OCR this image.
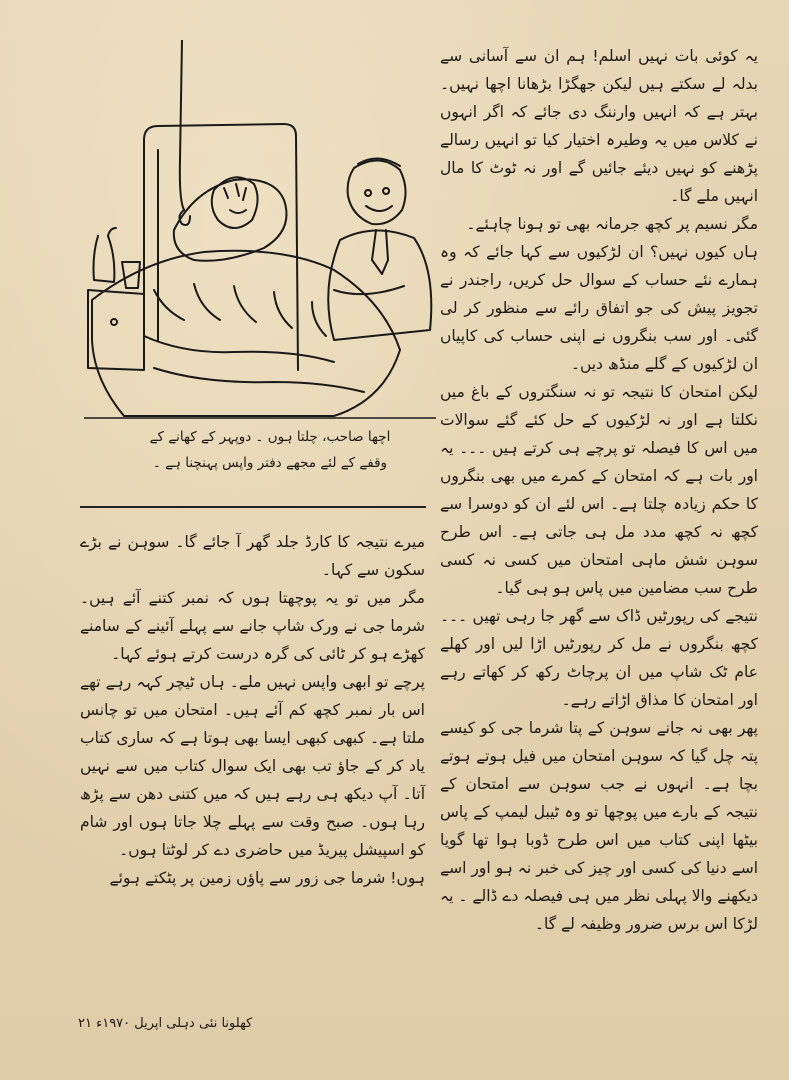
اچھا صاحب، چلتا ہوں ۔ دوپہر کے کھانے کے
وقفے کے لئے مجھے دفتر واپس پہنچنا ہے ۔

یہ کوئی بات نہیں اسلم! ہم ان سے آسانی سے بدلہ لے سکتے ہیں لیکن جھگڑا بڑھانا اچھا نہیں۔ بہتر ہے کہ انہیں وارننگ دی جائے کہ اگر انہوں نے کلاس میں یہ وطیرہ اختیار کیا تو انہیں رسالے پڑھنے کو نہیں دیئے جائیں گے اور نہ ٹوٹ کا مال انہیں ملے گا۔

مگر نسیم پر کچھ جرمانہ بھی تو ہونا چاہئے۔

ہاں کیوں نہیں؟ ان لڑکیوں سے کہا جائے کہ وہ ہمارے نئے حساب کے سوال حل کریں، راجندر نے تجویز پیش کی جو اتفاق رائے سے منظور کر لی گئی۔ اور سب بنگروں نے اپنی حساب کی کاپیاں ان لڑکیوں کے گلے منڈھ دیں۔

لیکن امتحان کا نتیجہ تو نہ سنگتروں کے باغ میں نکلتا ہے اور نہ لڑکیوں کے حل کئے گئے سوالات میں اس کا فیصلہ تو پرچے ہی کرتے ہیں ۔۔۔ یہ اور بات ہے کہ امتحان کے کمرے میں بھی بنگروں کا حکم زیادہ چلتا ہے۔ اس لئے ان کو دوسرا سے کچھ نہ کچھ مدد مل ہی جاتی ہے۔ اس طرح سوہن شش ماہی امتحان میں کسی نہ کسی طرح سب مضامین میں پاس ہو ہی گیا۔

نتیجے کی رپورٹیں ڈاک سے گھر جا رہی تھیں ۔۔۔ کچھ بنگروں نے مل کر رپورٹیں اڑا لیں اور کھلے عام ٹک شاپ میں ان پرچاٹ رکھ کر کھاتے رہے اور امتحان کا مذاق اڑاتے رہے۔

پھر بھی نہ جانے سوہن کے پتا شرما جی کو کیسے پتہ چل گیا کہ سوہن امتحان میں فیل ہوتے ہوتے بچا ہے۔ انہوں نے جب سوہن سے امتحان کے نتیجہ کے بارے میں پوچھا تو وہ ٹیبل لیمپ کے پاس بیٹھا اپنی کتاب میں اس طرح ڈوبا ہوا تھا گویا اسے دنیا کی کسی اور چیز کی خبر نہ ہو اور اسے دیکھنے والا پہلی نظر میں ہی فیصلہ دے ڈالے ۔ یہ لڑکا اس برس ضرور وظیفہ لے گا۔

میرے نتیجہ کا کارڈ جلد گھر آ جائے گا۔ سوہن نے بڑے سکون سے کہا۔

مگر میں تو یہ پوچھتا ہوں کہ نمبر کتنے آئے ہیں۔ شرما جی نے ورک شاپ جانے سے پہلے آئینے کے سامنے کھڑے ہو کر ٹائی کی گرہ درست کرتے ہوئے کہا۔

پرچے تو ابھی واپس نہیں ملے۔ ہاں ٹیچر کہہ رہے تھے اس بار نمبر کچھ کم آئے ہیں۔ امتحان میں تو چانس ملتا ہے۔ کبھی کبھی ایسا بھی ہوتا ہے کہ ساری کتاب یاد کر کے جاؤ تب بھی ایک سوال کتاب میں سے نہیں آتا۔ آپ دیکھ ہی رہے ہیں کہ میں کتنی دھن سے پڑھ رہا ہوں۔ صبح وقت سے پہلے چلا جاتا ہوں اور شام کو اسپیشل پیریڈ میں حاضری دے کر لوٹتا ہوں۔

ہوں! شرما جی زور سے پاؤں زمین پر پٹکتے ہوئے

کھلونا نئی دہلی اپریل ۱۹۷۰ء ۲۱
